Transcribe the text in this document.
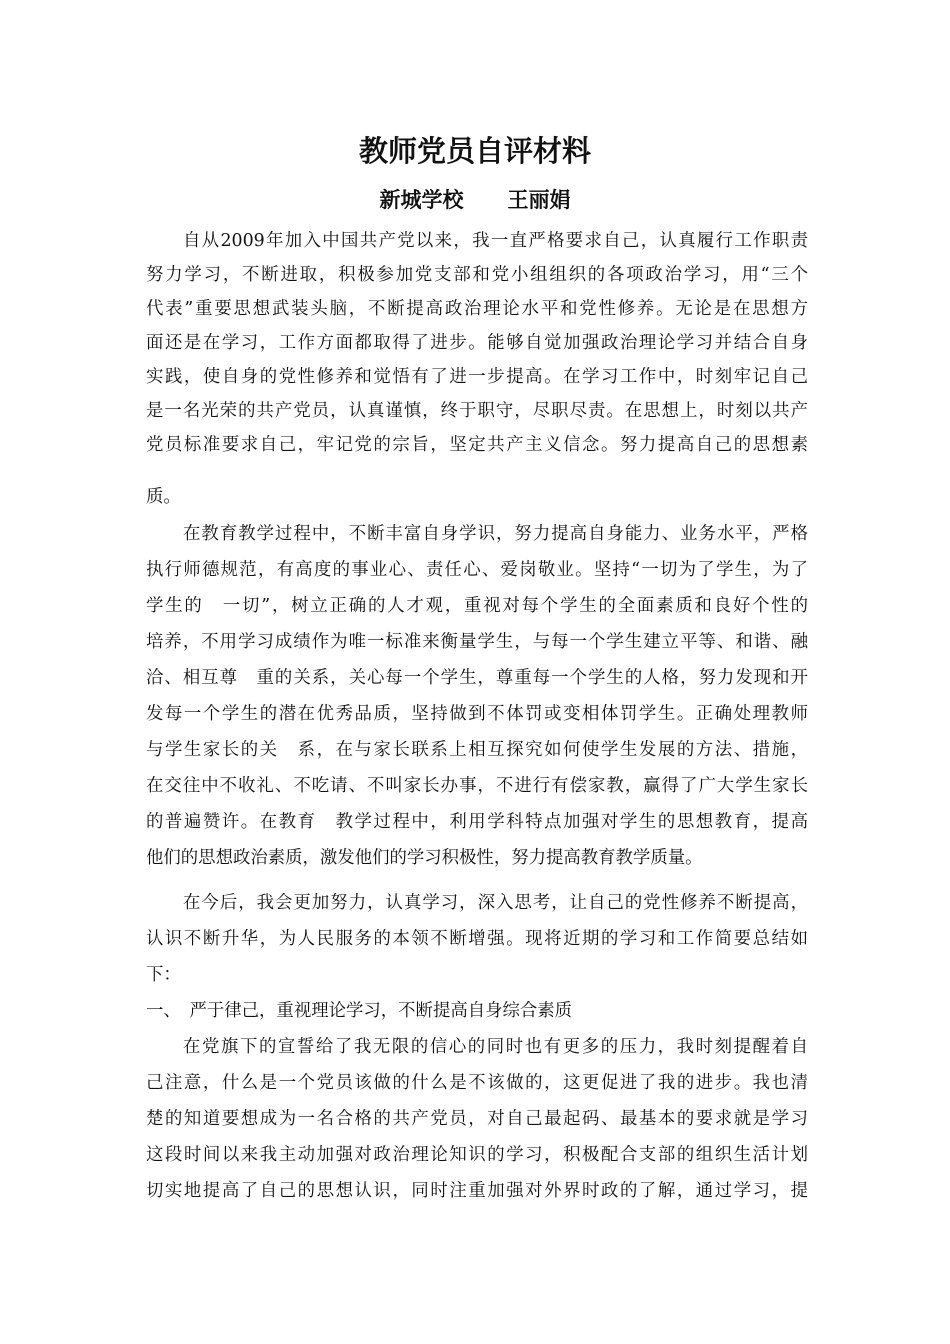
教师党员自评材料
新城学校 王丽娟
自从2009年加入中国共产党以来，我一直严格要求自己，认真履行工作职责
努力学习，不断进取，积极参加党支部和党小组组织的各项政治学习，用“三个
代表”重要思想武装头脑，不断提高政治理论水平和党性修养。无论是在思想方
面还是在学习，工作方面都取得了进步。能够自觉加强政治理论学习并结合自身
实践，使自身的党性修养和觉悟有了进一步提高。在学习工作中，时刻牢记自己
是一名光荣的共产党员，认真谨慎，终于职守，尽职尽责。在思想上，时刻以共产
党员标准要求自己，牢记党的宗旨，坚定共产主义信念。努力提高自己的思想素
质。
在教育教学过程中，不断丰富自身学识，努力提高自身能力、业务水平，严格
执行师德规范，有高度的事业心、责任心、爱岗敬业。坚持“一切为了学生，为了
学生的　一切”，树立正确的人才观，重视对每个学生的全面素质和良好个性的
培养，不用学习成绩作为唯一标准来衡量学生，与每一个学生建立平等、和谐、融
洽、相互尊　重的关系，关心每一个学生，尊重每一个学生的人格，努力发现和开
发每一个学生的潜在优秀品质，坚持做到不体罚或变相体罚学生。正确处理教师
与学生家长的关　系，在与家长联系上相互探究如何使学生发展的方法、措施，
在交往中不收礼、不吃请、不叫家长办事，不进行有偿家教，赢得了广大学生家长
的普遍赞许。在教育　教学过程中，利用学科特点加强对学生的思想教育，提高
他们的思想政治素质，激发他们的学习积极性，努力提高教育教学质量。
在今后，我会更加努力，认真学习，深入思考，让自己的党性修养不断提高，
认识不断升华，为人民服务的本领不断增强。现将近期的学习和工作简要总结如
下：
一、　严于律己，重视理论学习，不断提高自身综合素质
在党旗下的宣誓给了我无限的信心的同时也有更多的压力，我时刻提醒着自
己注意，什么是一个党员该做的什么是不该做的，这更促进了我的进步。我也清
楚的知道要想成为一名合格的共产党员，对自己最起码、最基本的要求就是学习
这段时间以来我主动加强对政治理论知识的学习，积极配合支部的组织生活计划
切实地提高了自己的思想认识，同时注重加强对外界时政的了解，通过学习，提
